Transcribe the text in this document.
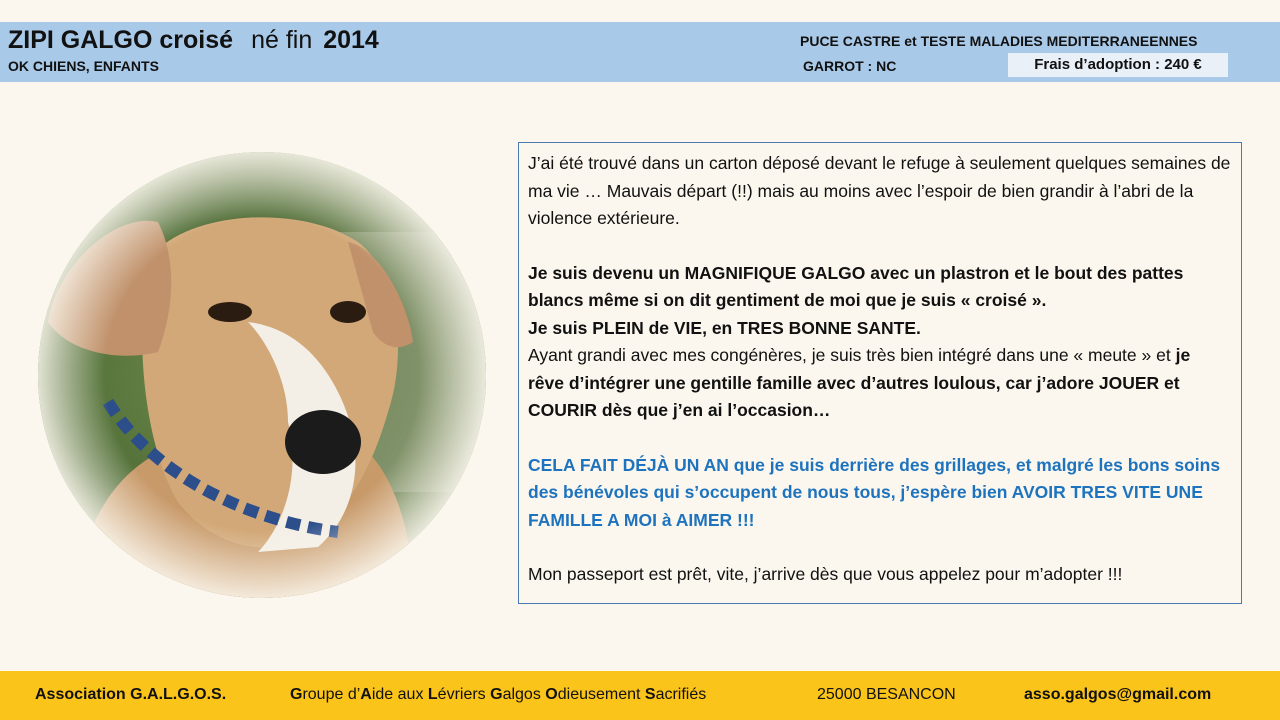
ZIPI GALGO croisé né fin 2014
OK CHIENS, ENFANTS
PUCE CASTRE et TESTE MALADIES MEDITERRANEENNES
GARROT : NC	Frais d’adoption : 240 €

J’ai été trouvé dans un carton déposé devant le refuge à seulement quelques semaines de ma vie … Mauvais départ (!!) mais au moins avec l’espoir de bien grandir à l’abri de la violence extérieure.

Je suis devenu un MAGNIFIQUE GALGO avec un plastron et le bout des pattes blancs même si on dit gentiment de moi que je suis « croisé ».

Je suis PLEIN de VIE, en TRES BONNE SANTE.

Ayant grandi avec mes congénères, je suis très bien intégré dans une « meute » et je rêve d’intégrer une gentille famille avec d’autres loulous, car j’adore JOUER et COURIR dès que j’en ai l’occasion…

CELA FAIT DÉJÀ UN AN que je suis derrière des grillages, et malgré les bons soins des bénévoles qui s’occupent de nous tous, j’espère bien AVOIR TRES VITE UNE FAMILLE A MOI à AIMER !!!

Mon passeport est prêt, vite, j’arrive dès que vous appelez pour m’adopter !!!

Association G.A.L.G.O.S.	Groupe d’Aide aux Lévriers Galgos Odieusement Sacrifiés	25000 BESANCON	asso.galgos@gmail.com
